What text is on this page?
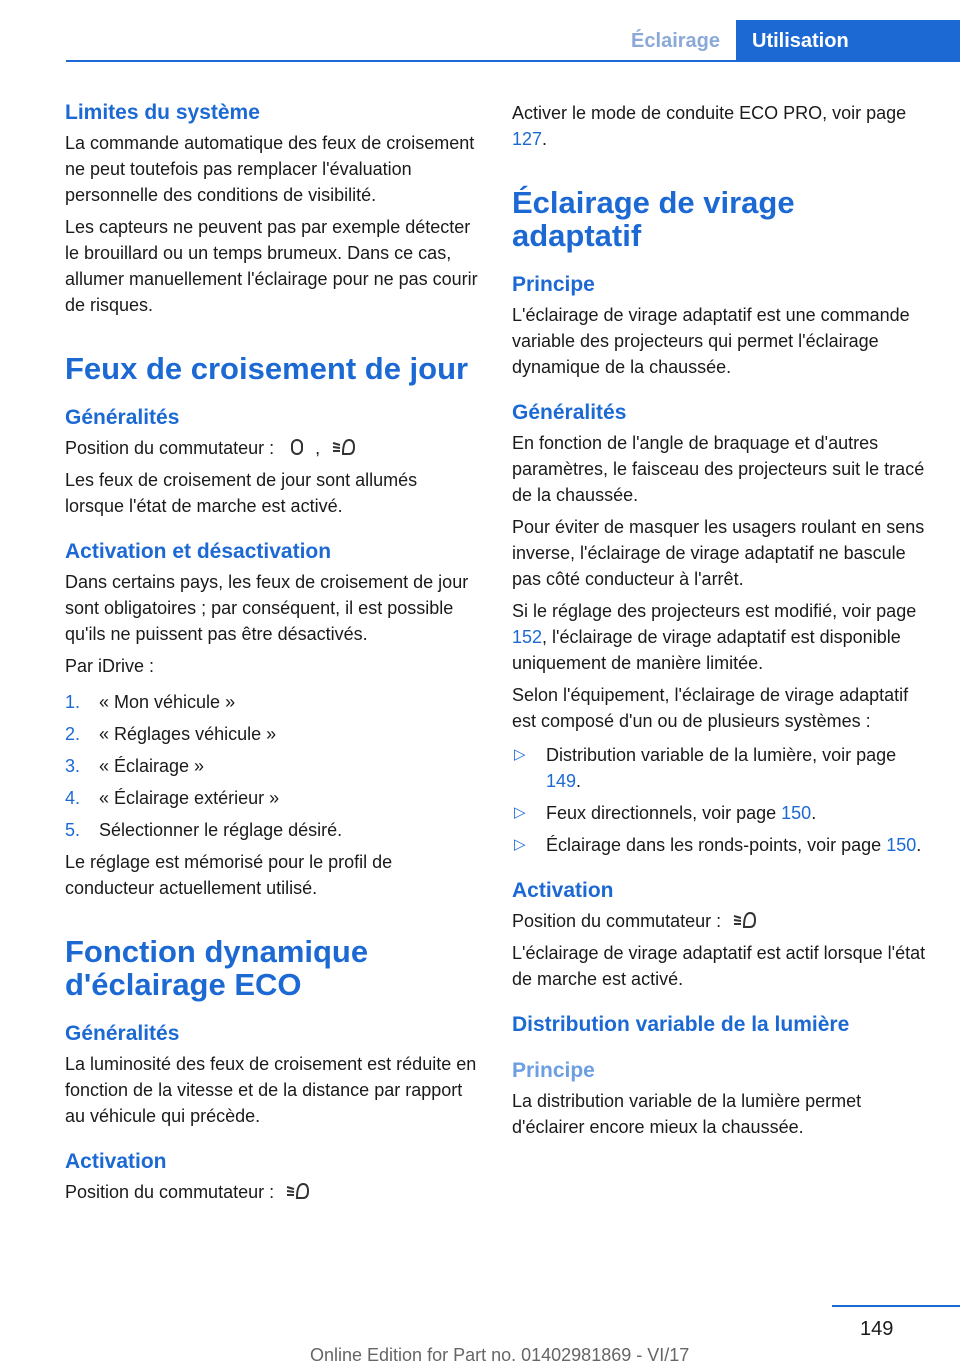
Éclairage Utilisation
Limites du système

La commande automatique des feux de croisement ne peut toutefois pas remplacer l'évaluation personnelle des conditions de visibilité.

Les capteurs ne peuvent pas par exemple détecter le brouillard ou un temps brumeux. Dans ce cas, allumer manuellement l'éclairage pour ne pas courir de risques.

Feux de croisement de jour
Généralités

Position du commutateur : ,

Les feux de croisement de jour sont allumés lorsque l'état de marche est activé.

Activation et désactivation

Dans certains pays, les feux de croisement de jour sont obligatoires ; par conséquent, il est possible qu'ils ne puissent pas être désactivés.

Par iDrive :

1.	« Mon véhicule »
2.	« Réglages véhicule »
3.	« Éclairage »
4.	« Éclairage extérieur »
5.	Sélectionner le réglage désiré.

Le réglage est mémorisé pour le profil de conducteur actuellement utilisé.

Fonction dynamique d'éclairage ECO
Généralités

La luminosité des feux de croisement est réduite en fonction de la vitesse et de la distance par rapport au véhicule qui précède.

Activation

Position du commutateur :

Activer le mode de conduite ECO PRO, voir page 127.

Éclairage de virage adaptatif
Principe

L'éclairage de virage adaptatif est une commande variable des projecteurs qui permet l'éclairage dynamique de la chaussée.

Généralités

En fonction de l'angle de braquage et d'autres paramètres, le faisceau des projecteurs suit le tracé de la chaussée.

Pour éviter de masquer les usagers roulant en sens inverse, l'éclairage de virage adaptatif ne bascule pas côté conducteur à l'arrêt.

Si le réglage des projecteurs est modifié, voir page 152, l'éclairage de virage adaptatif est disponible uniquement de manière limitée.

Selon l'équipement, l'éclairage de virage adaptatif est composé d'un ou de plusieurs systèmes :

▷	Distribution variable de la lumière, voir page 149.
▷	Feux directionnels, voir page 150.
▷	Éclairage dans les ronds-points, voir page 150.
Activation

Position du commutateur :

L'éclairage de virage adaptatif est actif lorsque l'état de marche est activé.

Distribution variable de la lumière
Principe

La distribution variable de la lumière permet d'éclairer encore mieux la chaussée.

149
Online Edition for Part no. 01402981869 - VI/17
